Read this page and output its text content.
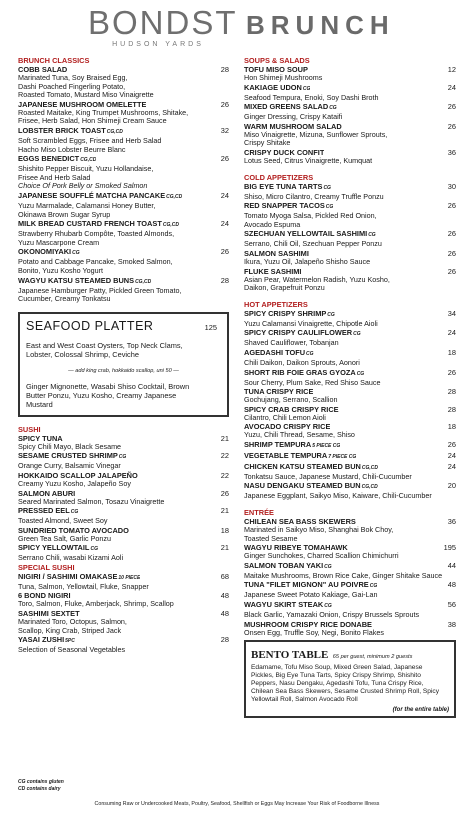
BONDST
HUDSON YARDS
BRUNCH
BRUNCH CLASSICS
COBB SALAD	28
Marinated Tuna, Soy Braised Egg,
Dashi Poached Fingerling Potato,
Roasted Tomato, Mustard Miso Vinaigrette
JAPANESE MUSHROOM OMELETTE	26
Roasted Maitake, King Trumpet Mushrooms, Shitake,
Frisee, Herb Salad, Hon Shimeji Cream Sauce
LOBSTER BRICK TOASTCG,CD	32
Soft Scrambled Eggs, Frisee and Herb Salad
Hacho Miso Lobster Beurre Blanc
EGGS BENEDICTCG,CD	26
Shishito Pepper Biscuit, Yuzu Hollandaise,
Frisee And Herb Salad
Choice Of Pork Belly or Smoked Salmon
JAPANESE SOUFFLÉ MATCHA PANCAKECG,CD	24
Yuzu Marmalade, Calamansi Honey Butter,
Okinawa Brown Sugar Syrup
MILK BREAD CUSTARD FRENCH TOASTCG,CD	24
Strawberry Rhubarb Compôte, Toasted Almonds,
Yuzu Mascarpone Cream
OKONOMIYAKICG	26
Potato and Cabbage Pancake, Smoked Salmon,
Bonito, Yuzu Kosho Yogurt
WAGYU KATSU STEAMED BUNSCG,CD	28
Japanese Hamburger Patty, Pickled Green Tomato,
Cucumber, Creamy Tonkatsu
SEAFOOD PLATTER	125
East and West Coast Oysters, Top Neck Clams,
Lobster, Colossal Shrimp, Ceviche
— add king crab, hokkaido scallop, uni 50 —
Ginger Mignonette, Wasabi Shiso Cocktail, Brown
Butter Ponzu, Yuzu Kosho, Creamy Japanese
Mustard
SUSHI
SPICY TUNA	21
Spicy Chili Mayo, Black Sesame
SESAME CRUSTED SHRIMPCG	22
Orange Curry, Balsamic Vinegar
HOKKAIDO SCALLOP JALAPEÑO	22
Creamy Yuzu Kosho, Jalapeño Soy
SALMON ABURI	26
Seared Marinated Salmon, Tosazu Vinaigrette
PRESSED EELCG	21
Toasted Almond, Sweet Soy
SUNDRIED TOMATO AVOCADO	18
Green Tea Salt, Garlic Ponzu
SPICY YELLOWTAILCG	21
Serrano Chili, wasabi Kizami Aoli
SPECIAL SUSHI
NIGIRI / SASHIMI OMAKASE10 PIECE	68
Tuna, Salmon, Yellowtail, Fluke, Snapper
6 BOND NIGIRI	48
Toro, Salmon, Fluke, Amberjack, Shrimp, Scallop
SASHIMI SEXTET	48
Marinated Toro, Octopus, Salmon,
Scallop, King Crab, Striped Jack
YASAI ZUSHI5PC	28
Selection of Seasonal Vegetables
SOUPS & SALADS
TOFU MISO SOUP	12
Hon Shimeji Mushrooms
KAKIAGE UDONCG	24
Seafood Tempura, Enoki, Soy Dashi Broth
MIXED GREENS SALADCG	26
Ginger Dressing, Crispy Kataifi
WARM MUSHROOM SALAD	26
Miso Vinaigrette, Mizuna, Sunflower Sprouts,
Crispy Shitake
CRISPY DUCK CONFIT	36
Lotus Seed, Citrus Vinaigrette, Kumquat
COLD APPETIZERS
BIG EYE TUNA TARTSCG	30
Shiso, Micro Cilantro, Creamy Truffle Ponzu
RED SNAPPER TACOSCG	26
Tomato Myoga Salsa, Pickled Red Onion,
Avocado Espuma
SZECHUAN YELLOWTAIL SASHIMICG	26
Serrano, Chili Oil, Szechuan Pepper Ponzu
SALMON SASHIMI	26
Ikura, Yuzu Oil, Jalapeño Shisho Sauce
FLUKE SASHIMI	26
Asian Pear, Watermelon Radish, Yuzu Kosho,
Daikon, Grapefruit Ponzu
HOT APPETIZERS
SPICY CRISPY SHRIMPCG	34
Yuzu Calamansi Vinaigrette, Chipotle Aioli
SPICY CRISPY CAULIFLOWERCG	24
Shaved Cauliflower, Tobanjan
AGEDASHI TOFUCG	18
Chili Daikon, Daikon Sprouts, Aonori
SHORT RIB FOIE GRAS GYOZACG	26
Sour Cherry, Plum Sake, Red Shiso Sauce
TUNA CRISPY RICE	28
Gochujang, Serrano, Scallion
SPICY CRAB CRISPY RICE	28
Cilantro, Chili Lemon Aioli
AVOCADO CRISPY RICE	18
Yuzu, Chili Thread, Sesame, Shiso
SHRIMP TEMPURA5 PIECE CG	26
VEGETABLE TEMPURA7 PIECE CG	24
CHICKEN KATSU STEAMED BUNCG,CD	24
Tonkatsu Sauce, Japanese Mustard, Chili-Cucumber
NASU DENGAKU STEAMED BUNCG,CD	20
Japanese Eggplant, Saikyo Miso, Kaiware, Chili-Cucumber
ENTRÉE
CHILEAN SEA BASS SKEWERS	36
Marinated in Saikyo Miso, Shanghai Bok Choy,
Toasted Sesame
WAGYU RIBEYE TOMAHAWK	195
Ginger Sunchokes, Charred Scallion Chimichurri
SALMON TOBAN YAKICG	44
Maitake Mushrooms, Brown Rice Cake, Ginger Shitake Sauce
TUNA "FILET MIGNON" AU POIVRECG	48
Japanese Sweet Potato Kakiage, Gai-Lan
WAGYU SKIRT STEAKCG	56
Black Garlic, Yamazaki Onion, Crispy Brussels Sprouts
MUSHROOM CRISPY RICE DONABE	38
Onsen Egg, Truffle Soy, Negi, Bonito Flakes
BENTO TABLE 65 per guest, minimum 2 guests
Edamame, Tofu Miso Soup, Mixed Green Salad, Japanese
Pickles, Big Eye Tuna Tarts, Spicy Crispy Shrimp, Shishito
Peppers, Nasu Dengaku, Agedashi Tofu, Tuna Crispy Rice,
Chilean Sea Bass Skewers, Sesame Crusted Shrimp Roll, Spicy
Yellowtail Roll, Salmon Avocado Roll
(for the entire table)
CG contains gluten
CD contains dairy
Consuming Raw or Undercooked Meats, Poultry, Seafood, Shellfish or Eggs May Increase Your Risk of Foodborne Illness
